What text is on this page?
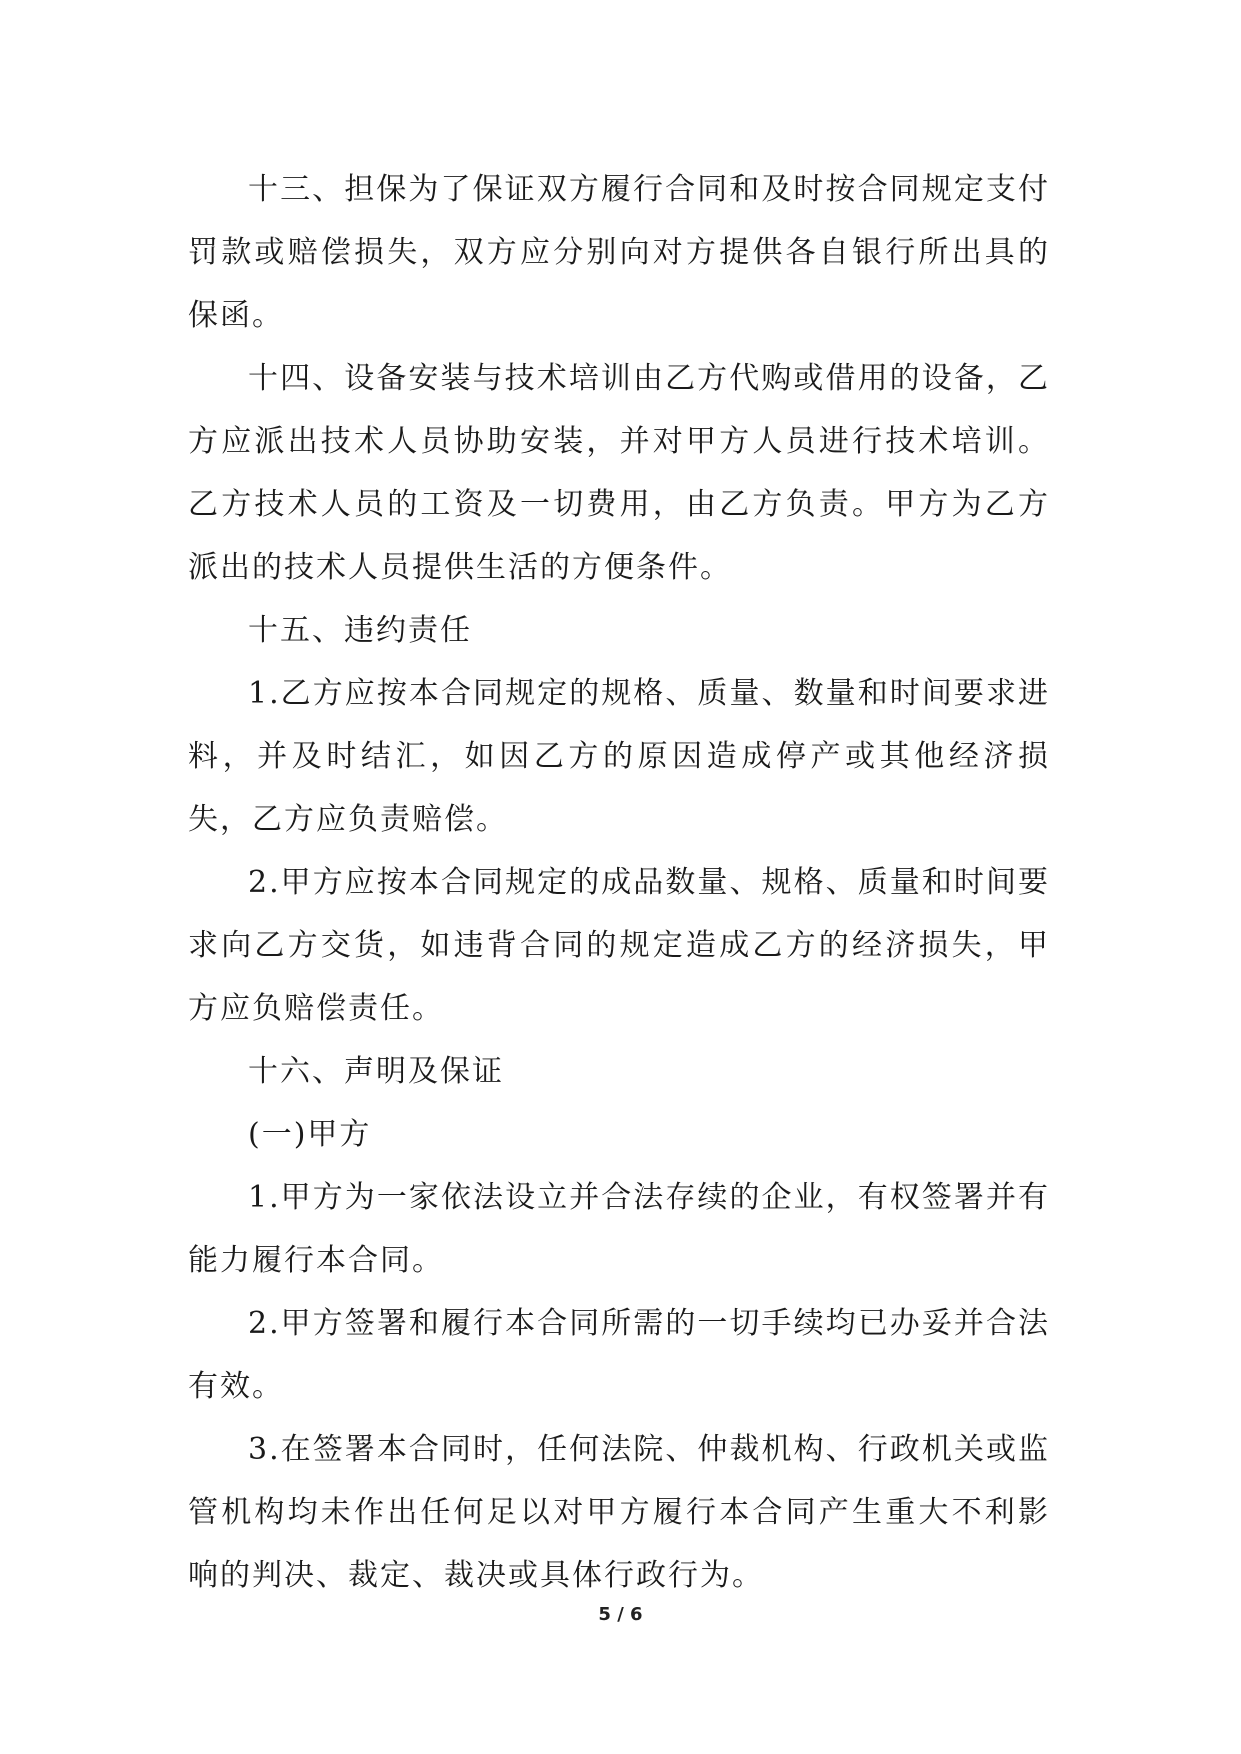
十三、担保为了保证双方履行合同和及时按合同规定支付罚款或赔偿损失，双方应分别向对方提供各自银行所出具的保函。

十四、设备安装与技术培训由乙方代购或借用的设备，乙方应派出技术人员协助安装，并对甲方人员进行技术培训。乙方技术人员的工资及一切费用，由乙方负责。甲方为乙方派出的技术人员提供生活的方便条件。

十五、违约责任

1.乙方应按本合同规定的规格、质量、数量和时间要求进料，并及时结汇，如因乙方的原因造成停产或其他经济损失，乙方应负责赔偿。

2.甲方应按本合同规定的成品数量、规格、质量和时间要求向乙方交货，如违背合同的规定造成乙方的经济损失，甲方应负赔偿责任。

十六、声明及保证

(一)甲方

1.甲方为一家依法设立并合法存续的企业，有权签署并有能力履行本合同。

2.甲方签署和履行本合同所需的一切手续均已办妥并合法有效。

3.在签署本合同时，任何法院、仲裁机构、行政机关或监管机构均未作出任何足以对甲方履行本合同产生重大不利影响的判决、裁定、裁决或具体行政行为。

5 / 6
